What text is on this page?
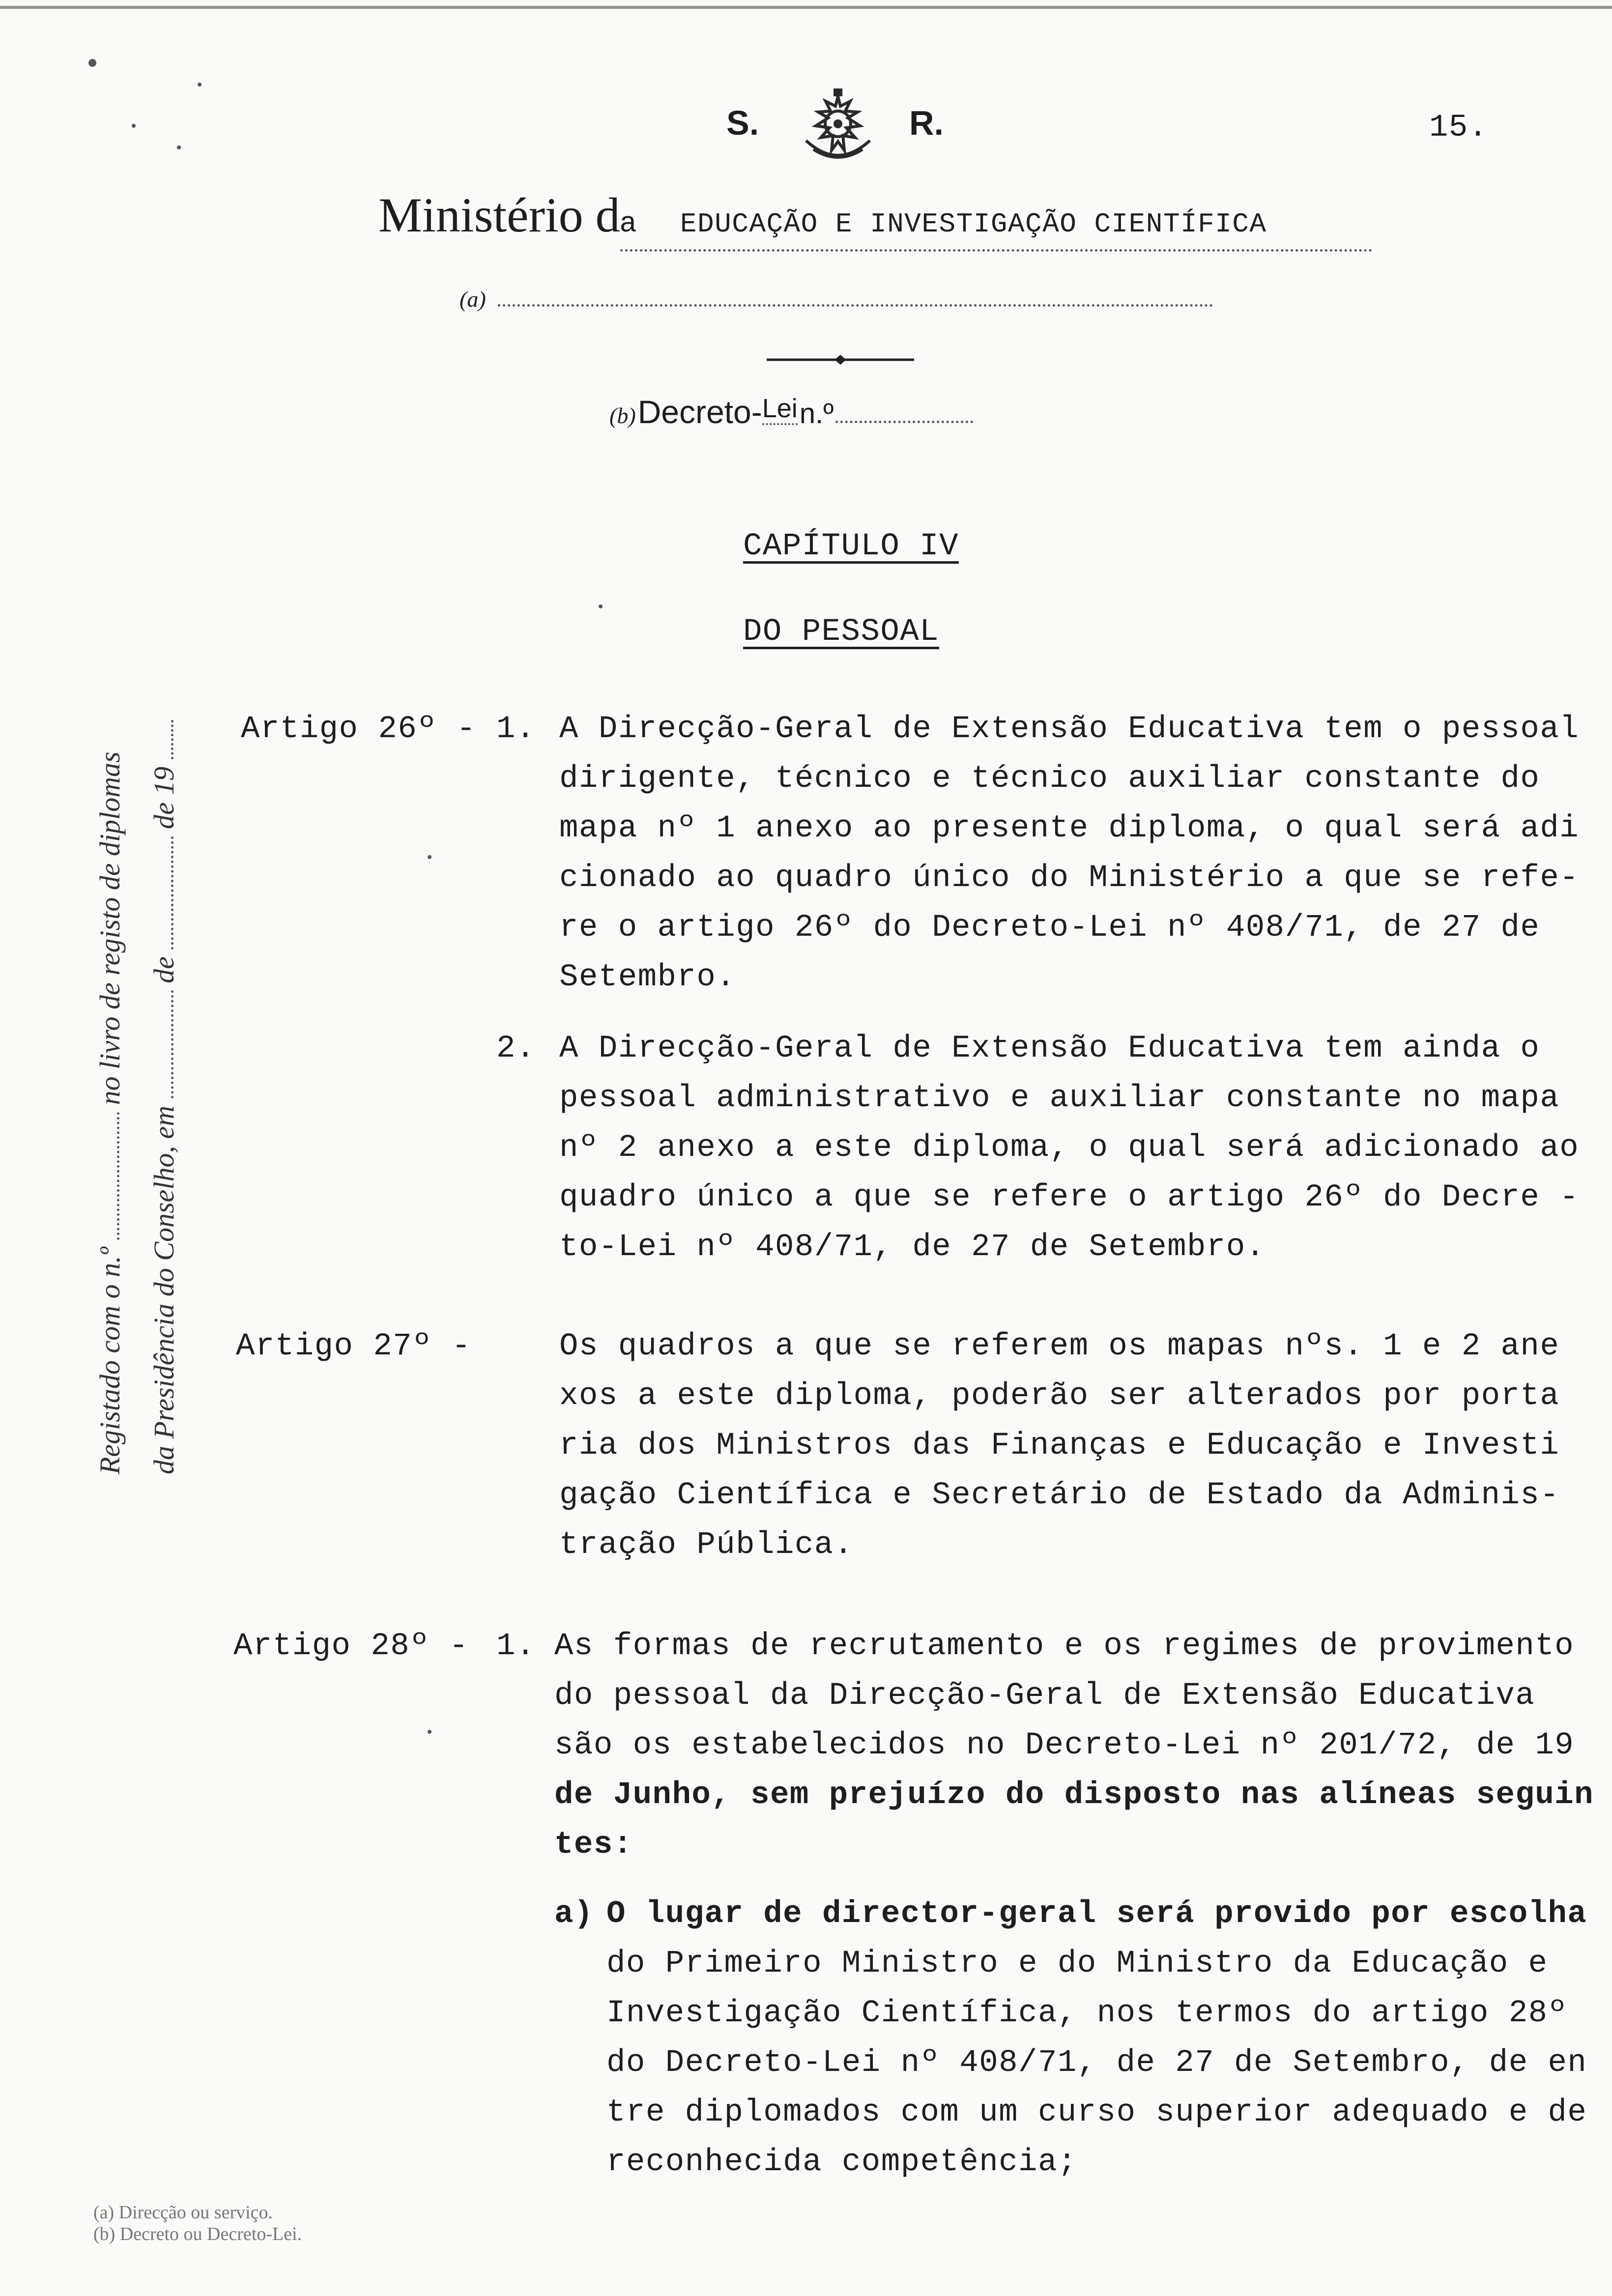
S.	R.	15.
Ministério da EDUCAÇÃO E INVESTIGAÇÃO CIENTÍFICA
(a)
(b) Decreto-Lei n.º
CAPÍTULO IV
DO PESSOAL
Registado com o n.º  no livro de registo de diplomas
da Presidência do Conselho, em  de  de 19
Artigo 26º - 1. A Direcção-Geral de Extensão Educativa tem o pessoal
dirigente, técnico e técnico auxiliar constante do
mapa nº 1 anexo ao presente diploma, o qual será adi
cionado ao quadro único do Ministério a que se refe-
re o artigo 26º do Decreto-Lei nº 408/71, de 27 de
Setembro.
2. A Direcção-Geral de Extensão Educativa tem ainda o
pessoal administrativo e auxiliar constante no mapa
nº 2 anexo a este diploma, o qual será adicionado ao
quadro único a que se refere o artigo 26º do Decre -
to-Lei nº 408/71, de 27 de Setembro.
Artigo 27º -	Os quadros a que se referem os mapas nºs. 1 e 2 ane
xos a este diploma, poderão ser alterados por porta
ria dos Ministros das Finanças e Educação e Investi
gação Científica e Secretário de Estado da Adminis-
tração Pública.
Artigo 28º - 1. As formas de recrutamento e os regimes de provimento
do pessoal da Direcção-Geral de Extensão Educativa
são os estabelecidos no Decreto-Lei nº 201/72, de 19
de Junho, sem prejuízo do disposto nas alíneas seguin
tes:
a) O lugar de director-geral será provido por escolha
do Primeiro Ministro e do Ministro da Educação e
Investigação Científica, nos termos do artigo 28º
do Decreto-Lei nº 408/71, de 27 de Setembro, de en
tre diplomados com um curso superior adequado e de
reconhecida competência;
(a) Direcção ou serviço.
(b) Decreto ou Decreto-Lei.
